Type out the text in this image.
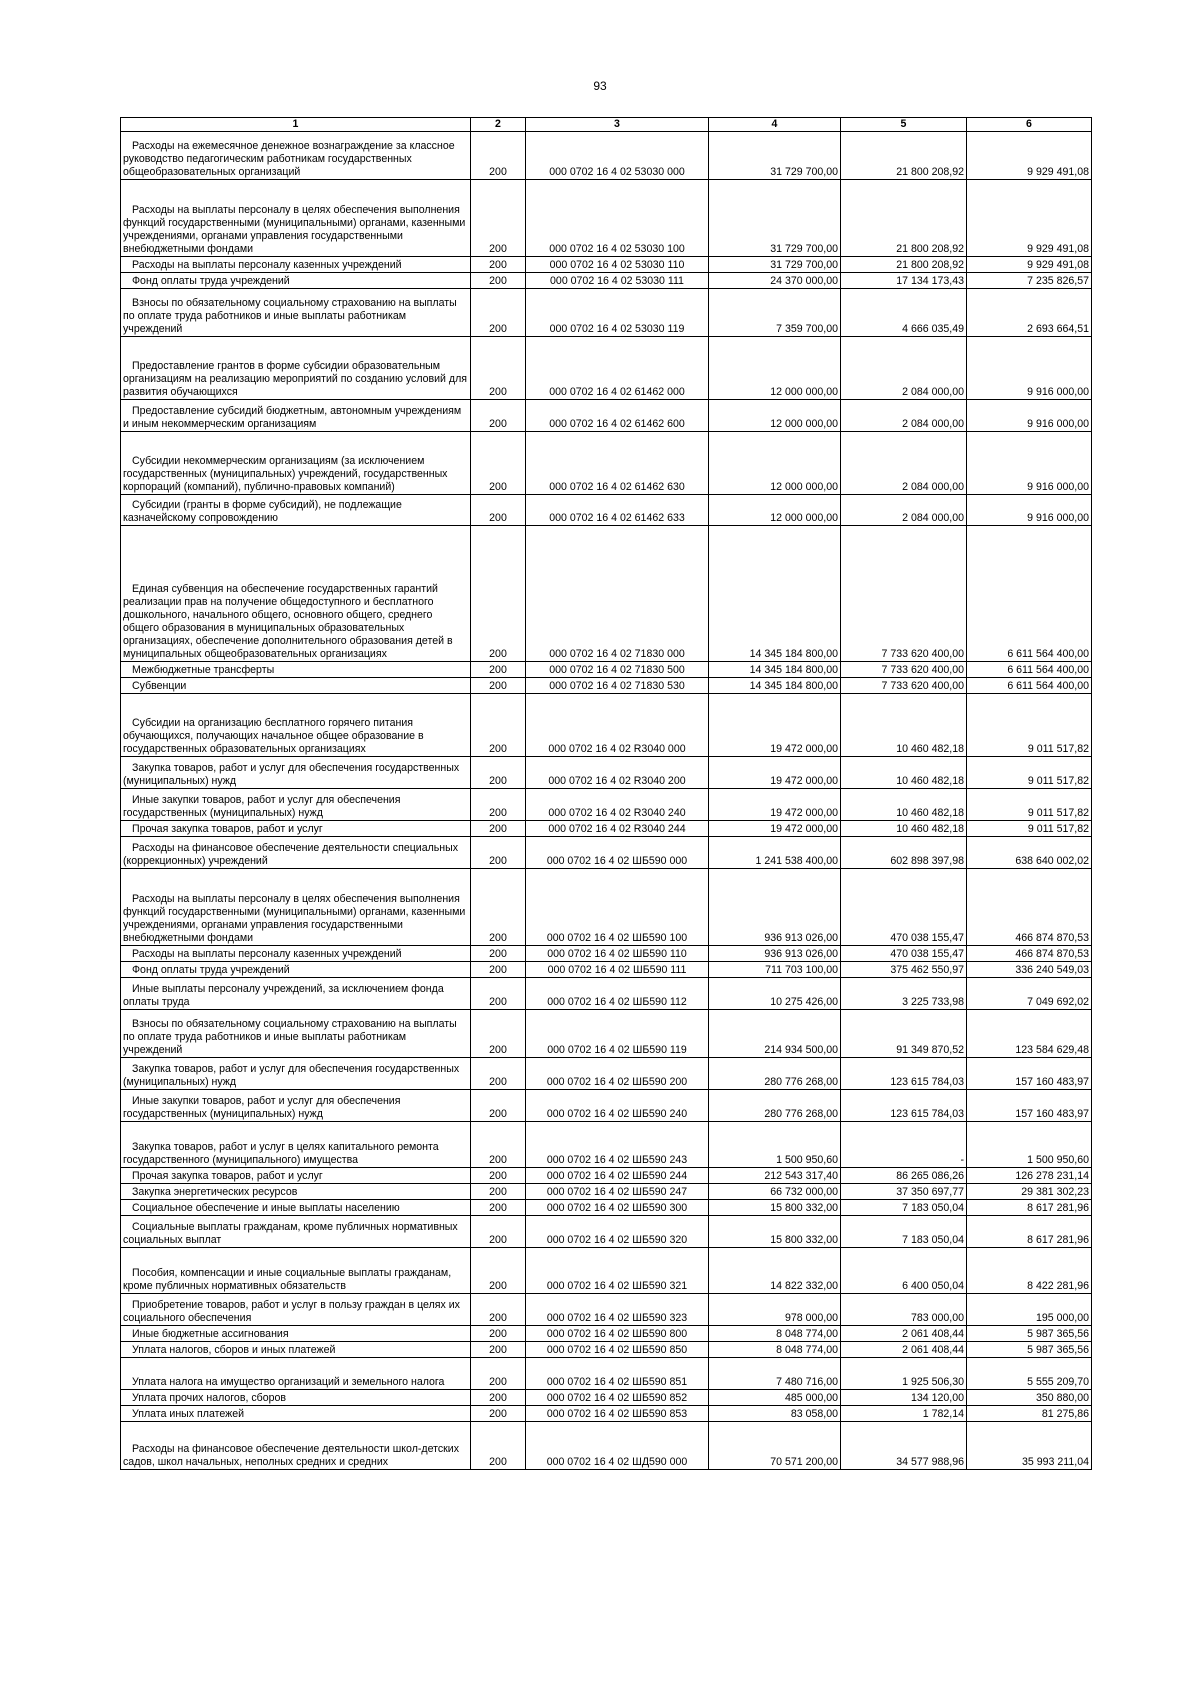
93
1	2	3	4	5	6
Расходы на ежемесячное денежное вознаграждение за классное руководство педагогическим работникам государственных общеобразовательных организаций	200	000 0702 16 4 02 53030 000	31 729 700,00	21 800 208,92	9 929 491,08
Расходы на выплаты персоналу в целях обеспечения выполнения функций государственными (муниципальными) органами, казенными учреждениями, органами управления государственными внебюджетными фондами	200	000 0702 16 4 02 53030 100	31 729 700,00	21 800 208,92	9 929 491,08
Расходы на выплаты персоналу казенных учреждений	200	000 0702 16 4 02 53030 110	31 729 700,00	21 800 208,92	9 929 491,08
Фонд оплаты труда учреждений	200	000 0702 16 4 02 53030 111	24 370 000,00	17 134 173,43	7 235 826,57
Взносы по обязательному социальному страхованию на выплаты по оплате труда работников и иные выплаты работникам учреждений	200	000 0702 16 4 02 53030 119	7 359 700,00	4 666 035,49	2 693 664,51
Предоставление грантов в форме субсидии образовательным организациям на реализацию мероприятий по созданию условий для развития обучающихся	200	000 0702 16 4 02 61462 000	12 000 000,00	2 084 000,00	9 916 000,00
Предоставление субсидий бюджетным, автономным учреждениям и иным некоммерческим организациям	200	000 0702 16 4 02 61462 600	12 000 000,00	2 084 000,00	9 916 000,00
Субсидии некоммерческим организациям (за исключением государственных (муниципальных) учреждений, государственных корпораций (компаний), публично-правовых компаний)	200	000 0702 16 4 02 61462 630	12 000 000,00	2 084 000,00	9 916 000,00
Субсидии (гранты в форме субсидий), не подлежащие казначейскому сопровождению	200	000 0702 16 4 02 61462 633	12 000 000,00	2 084 000,00	9 916 000,00
Единая субвенция на обеспечение государственных гарантий реализации прав на получение общедоступного и бесплатного дошкольного, начального общего, основного общего, среднего общего образования в муниципальных образовательных организациях, обеспечение дополнительного образования детей в муниципальных общеобразовательных организациях	200	000 0702 16 4 02 71830 000	14 345 184 800,00	7 733 620 400,00	6 611 564 400,00
Межбюджетные трансферты	200	000 0702 16 4 02 71830 500	14 345 184 800,00	7 733 620 400,00	6 611 564 400,00
Субвенции	200	000 0702 16 4 02 71830 530	14 345 184 800,00	7 733 620 400,00	6 611 564 400,00
Субсидии на организацию бесплатного горячего питания обучающихся, получающих начальное общее образование в государственных образовательных организациях	200	000 0702 16 4 02 R3040 000	19 472 000,00	10 460 482,18	9 011 517,82
Закупка товаров, работ и услуг для обеспечения государственных (муниципальных) нужд	200	000 0702 16 4 02 R3040 200	19 472 000,00	10 460 482,18	9 011 517,82
Иные закупки товаров, работ и услуг для обеспечения государственных (муниципальных) нужд	200	000 0702 16 4 02 R3040 240	19 472 000,00	10 460 482,18	9 011 517,82
Прочая закупка товаров, работ и услуг	200	000 0702 16 4 02 R3040 244	19 472 000,00	10 460 482,18	9 011 517,82
Расходы на финансовое обеспечение деятельности специальных (коррекционных) учреждений	200	000 0702 16 4 02 ШБ590 000	1 241 538 400,00	602 898 397,98	638 640 002,02
Расходы на выплаты персоналу в целях обеспечения выполнения функций государственными (муниципальными) органами, казенными учреждениями, органами управления государственными внебюджетными фондами	200	000 0702 16 4 02 ШБ590 100	936 913 026,00	470 038 155,47	466 874 870,53
Расходы на выплаты персоналу казенных учреждений	200	000 0702 16 4 02 ШБ590 110	936 913 026,00	470 038 155,47	466 874 870,53
Фонд оплаты труда учреждений	200	000 0702 16 4 02 ШБ590 111	711 703 100,00	375 462 550,97	336 240 549,03
Иные выплаты персоналу учреждений, за исключением фонда оплаты труда	200	000 0702 16 4 02 ШБ590 112	10 275 426,00	3 225 733,98	7 049 692,02
Взносы по обязательному социальному страхованию на выплаты по оплате труда работников и иные выплаты работникам учреждений	200	000 0702 16 4 02 ШБ590 119	214 934 500,00	91 349 870,52	123 584 629,48
Закупка товаров, работ и услуг для обеспечения государственных (муниципальных) нужд	200	000 0702 16 4 02 ШБ590 200	280 776 268,00	123 615 784,03	157 160 483,97
Иные закупки товаров, работ и услуг для обеспечения государственных (муниципальных) нужд	200	000 0702 16 4 02 ШБ590 240	280 776 268,00	123 615 784,03	157 160 483,97
Закупка товаров, работ и услуг в целях капитального ремонта государственного (муниципального) имущества	200	000 0702 16 4 02 ШБ590 243	1 500 950,60	-	1 500 950,60
Прочая закупка товаров, работ и услуг	200	000 0702 16 4 02 ШБ590 244	212 543 317,40	86 265 086,26	126 278 231,14
Закупка энергетических ресурсов	200	000 0702 16 4 02 ШБ590 247	66 732 000,00	37 350 697,77	29 381 302,23
Социальное обеспечение и иные выплаты населению	200	000 0702 16 4 02 ШБ590 300	15 800 332,00	7 183 050,04	8 617 281,96
Социальные выплаты гражданам, кроме публичных нормативных социальных выплат	200	000 0702 16 4 02 ШБ590 320	15 800 332,00	7 183 050,04	8 617 281,96
Пособия, компенсации и иные социальные выплаты гражданам, кроме публичных нормативных обязательств	200	000 0702 16 4 02 ШБ590 321	14 822 332,00	6 400 050,04	8 422 281,96
Приобретение товаров, работ и услуг в пользу граждан в целях их социального обеспечения	200	000 0702 16 4 02 ШБ590 323	978 000,00	783 000,00	195 000,00
Иные бюджетные ассигнования	200	000 0702 16 4 02 ШБ590 800	8 048 774,00	2 061 408,44	5 987 365,56
Уплата налогов, сборов и иных платежей	200	000 0702 16 4 02 ШБ590 850	8 048 774,00	2 061 408,44	5 987 365,56
Уплата налога на имущество организаций и земельного налога	200	000 0702 16 4 02 ШБ590 851	7 480 716,00	1 925 506,30	5 555 209,70
Уплата прочих налогов, сборов	200	000 0702 16 4 02 ШБ590 852	485 000,00	134 120,00	350 880,00
Уплата иных платежей	200	000 0702 16 4 02 ШБ590 853	83 058,00	1 782,14	81 275,86
Расходы на финансовое обеспечение деятельности школ-детских садов, школ начальных, неполных средних и средних	200	000 0702 16 4 02 ШД590 000	70 571 200,00	34 577 988,96	35 993 211,04
